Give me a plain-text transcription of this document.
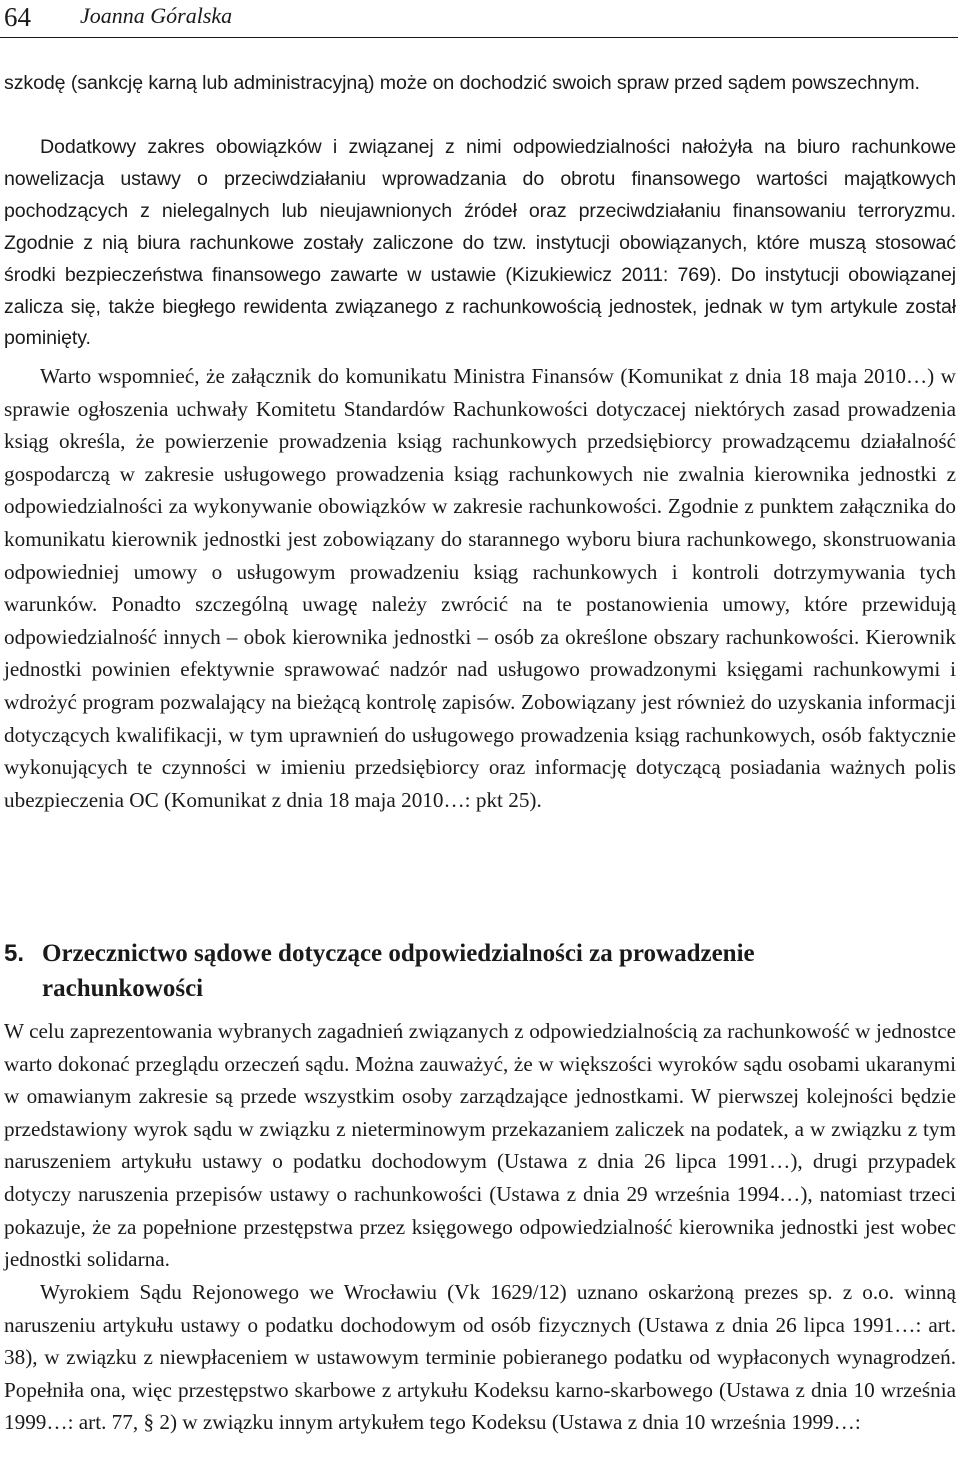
64 Joanna Góralska

szkodę (sankcję karną lub administracyjną) może on dochodzić swoich spraw przed sądem powszechnym.

Dodatkowy zakres obowiązków i związanej z nimi odpowiedzialności nałożyła na biuro rachunkowe nowelizacja ustawy o przeciwdziałaniu wprowadzania do obrotu finansowego wartości majątkowych pochodzących z nielegalnych lub nieujawnionych źródeł oraz przeciwdziałaniu finansowaniu terroryzmu. Zgodnie z nią biura rachunkowe zostały zaliczone do tzw. instytucji obowiązanych, które muszą stosować środki bezpieczeństwa finansowego zawarte w ustawie (Kizukiewicz 2011: 769). Do instytucji obowiązanej zalicza się, także biegłego rewidenta związanego z rachunkowością jednostek, jednak w tym artykule został pominięty.

Warto wspomnieć, że załącznik do komunikatu Ministra Finansów (Komunikat z dnia 18 maja 2010…) w sprawie ogłoszenia uchwały Komitetu Standardów Rachunkowości dotyczacej niektórych zasad prowadzenia ksiąg określa, że powierzenie prowadzenia ksiąg rachunkowych przedsiębiorcy prowadzącemu działalność gospodarczą w zakresie usługowego prowadzenia ksiąg rachunkowych nie zwalnia kierownika jednostki z odpowiedzialności za wykonywanie obowiązków w zakresie rachunkowości. Zgodnie z punktem załącznika do komunikatu kierownik jednostki jest zobowiązany do starannego wyboru biura rachunkowego, skonstruowania odpowiedniej umowy o usługowym prowadzeniu ksiąg rachunkowych i kontroli dotrzymywania tych warunków. Ponadto szczególną uwagę należy zwrócić na te postanowienia umowy, które przewidują odpowiedzialność innych – obok kierownika jednostki – osób za określone obszary rachunkowości. Kierownik jednostki powinien efektywnie sprawować nadzór nad usługowo prowadzonymi księgami rachunkowymi i wdrożyć program pozwalający na bieżącą kontrolę zapisów. Zobowiązany jest również do uzyskania informacji dotyczących kwalifikacji, w tym uprawnień do usługowego prowadzenia ksiąg rachunkowych, osób faktycznie wykonujących te czynności w imieniu przedsiębiorcy oraz informację dotyczącą posiadania ważnych polis ubezpieczenia OC (Komunikat z dnia 18 maja 2010…: pkt 25).

5. Orzecznictwo sądowe dotyczące odpowiedzialności za prowadzenie
rachunkowości

W celu zaprezentowania wybranych zagadnień związanych z odpowiedzialnością za rachunkowość w jednostce warto dokonać przeglądu orzeczeń sądu. Można zauważyć, że w większości wyroków sądu osobami ukaranymi w omawianym zakresie są przede wszystkim osoby zarządzające jednostkami. W pierwszej kolejności będzie przedstawiony wyrok sądu w związku z nieterminowym przekazaniem zaliczek na podatek, a w związku z tym naruszeniem artykułu ustawy o podatku dochodowym (Ustawa z dnia 26 lipca 1991…), drugi przypadek dotyczy naruszenia przepisów ustawy o rachunkowości (Ustawa z dnia 29 września 1994…), natomiast trzeci pokazuje, że za popełnione przestępstwa przez księgowego odpowiedzialność kierownika jednostki jest wobec jednostki solidarna.

Wyrokiem Sądu Rejonowego we Wrocławiu (Vk 1629/12) uznano oskarżoną prezes sp. z o.o. winną naruszeniu artykułu ustawy o podatku dochodowym od osób fizycznych (Ustawa z dnia 26 lipca 1991…: art. 38), w związku z niewpłaceniem w ustawowym terminie pobieranego podatku od wypłaconych wynagrodzeń. Popełniła ona, więc przestępstwo skarbowe z artykułu Kodeksu karno-skarbowego (Ustawa z dnia 10 września 1999…: art. 77, § 2) w związku innym artykułem tego Kodeksu (Ustawa z dnia 10 września 1999…:
